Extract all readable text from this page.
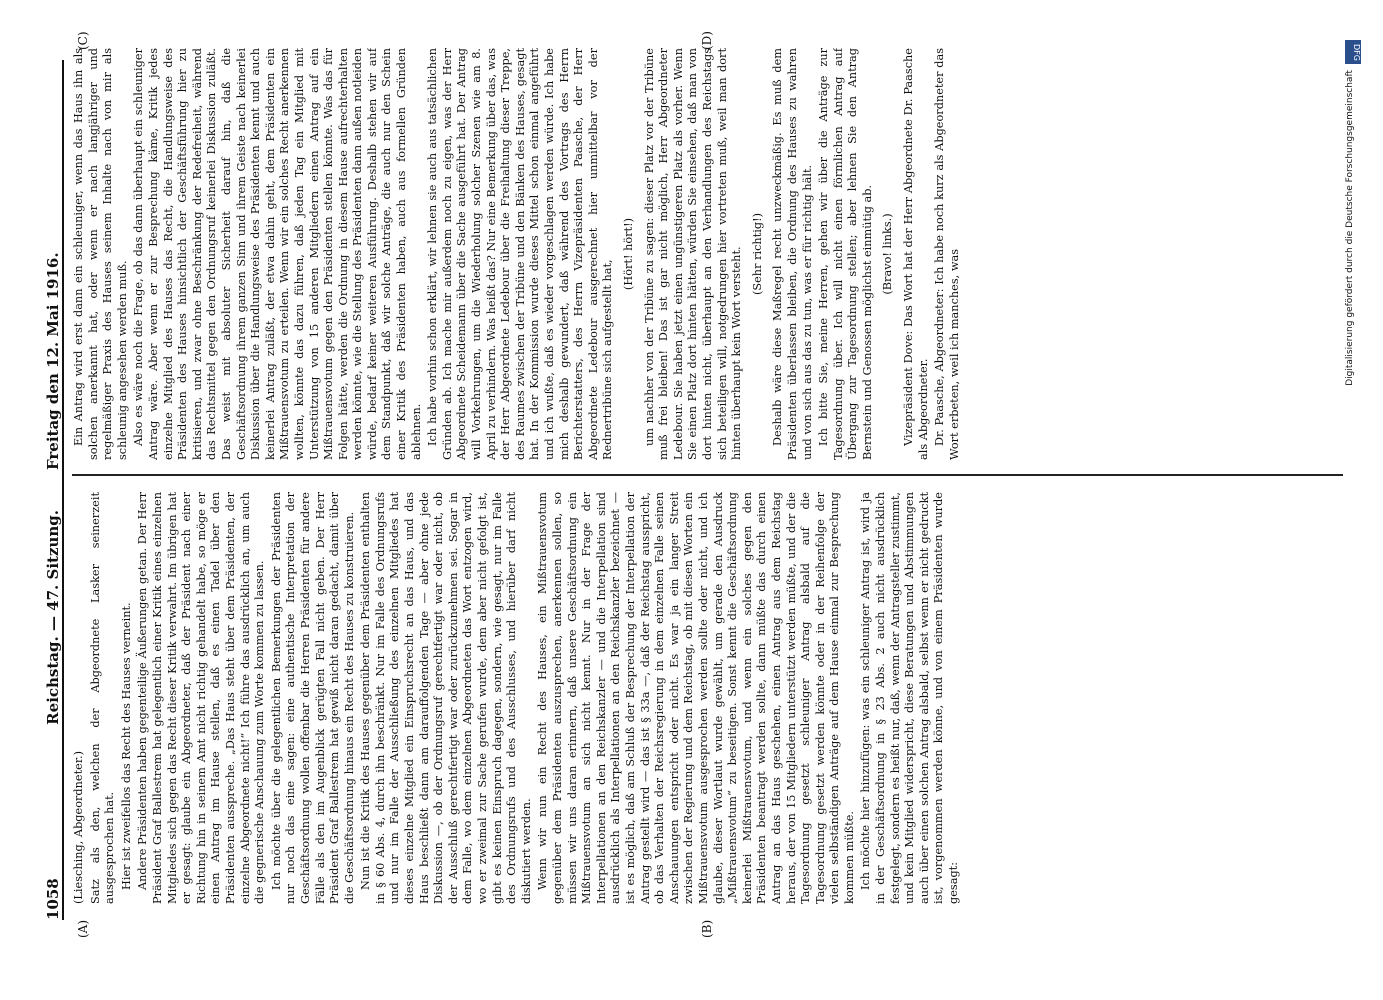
1058
Reichstag. — 47. Sitzung.
Freitag den 12. Mai 1916.
(A)	(B)
(C)	(D)

(Liesching, Abgeordneter.) Satz als den, welchen der Abgeordnete Lasker seinerzeit ausgesprochen hat. Hier ist zweifellos das Recht des Hauses verneint. Andere Präsidenten haben gegenteilige Äußerungen getan. Der Herr Präsident Graf Ballestrem hat gelegentlich einer Kritik eines einzelnen Mitgliedes sich gegen das Recht dieser Kritik verwahrt. Im übrigen hat er gesagt: glaube ein Abgeordneter, daß der Präsident nach einer Richtung hin in seinem Amt nicht richtig gehandelt habe, so möge er einen Antrag im Hause stellen, daß es einen Tadel über den Präsidenten ausspreche. „Das Haus steht über dem Präsidenten, der einzelne Abgeordnete nicht!“ Ich führe das ausdrücklich an, um auch die gegnerische Anschauung zum Worte kommen zu lassen. Ich möchte über die gelegentlichen Bemerkungen der Präsidenten nur noch das eine sagen: eine authentische Interpretation der Geschäftsordnung wollen offenbar die Herren Präsidenten für andere Fälle als den im Augenblick gerügten Fall nicht geben. Der Herr Präsident Graf Ballestrem hat gewiß nicht daran gedacht, damit über die Geschäftsordnung hinaus ein Recht des Hauses zu konstruieren. Nun ist die Kritik des Hauses gegenüber dem Präsidenten enthalten in § 60 Abs. 4, durch ihn beschränkt. Nur im Falle des Ordnungsrufs und nur im Falle der Ausschließung des einzelnen Mitgliedes hat dieses einzelne Mitglied ein Einspruchsrecht an das Haus, und das Haus beschließt dann am darauffolgenden Tage — aber ohne jede Diskussion —, ob der Ordnungsruf gerechtfertigt war oder nicht, ob der Ausschluß gerechtfertigt war oder zurückzunehmen sei. Sogar in dem Falle, wo dem einzelnen Abgeordneten das Wort entzogen wird, wo er zweimal zur Sache gerufen wurde, dem aber nicht gefolgt ist, gibt es keinen Einspruch dagegen, sondern, wie gesagt, nur im Falle des Ordnungsrufs und des Ausschlusses, und hierüber darf nicht diskutiert werden. Wenn wir nun ein Recht des Hauses, ein Mißtrauensvotum gegenüber dem Präsidenten auszusprechen, anerkennen sollen, so müssen wir uns daran erinnern, daß unsere Geschäftsordnung ein Mißtrauensvotum an sich nicht kennt. Nur in der Frage der Interpellationen an den Reichskanzler — und die Interpellation sind ausdrücklich als Interpellationen an den Reichskanzler bezeichnet — ist es möglich, daß am Schluß der Besprechung der Interpellation der Antrag gestellt wird — das ist § 33a —, daß der Reichstag ausspricht, ob das Verhalten der Reichsregierung in dem einzelnen Falle seinen Anschauungen entspricht oder nicht. Es war ja ein langer Streit zwischen der Regierung und dem Reichstag, ob mit diesen Worten ein Mißtrauensvotum ausgesprochen werden sollte oder nicht, und ich glaube, dieser Wortlaut wurde gewählt, um gerade den Ausdruck „Mißtrauensvotum“ zu beseitigen. Sonst kennt die Geschäftsordnung keinerlei Mißtrauensvotum, und wenn ein solches gegen den Präsidenten beantragt werden sollte, dann müßte das durch einen Antrag an das Haus geschehen, einen Antrag aus dem Reichstag heraus, der von 15 Mitgliedern unterstützt werden müßte, und der die Tagesordnung gesetzt schleuniger Antrag alsbald auf die Tagesordnung gesetzt werden könnte oder in der Reihenfolge der vielen selbständigen Anträge auf dem Hause einmal zur Besprechung kommen müßte. Ich möchte hier hinzufügen: was ein schleuniger Antrag ist, wird ja in der Geschäftsordnung in § 23 Abs. 2 auch nicht ausdrücklich festgelegt, sondern es heißt nur, daß, wenn der Antragsteller zustimmt, und kein Mitglied widerspricht, diese Beratungen und Abstimmungen auch über einen solchen Antrag alsbald, selbst wenn er nicht gedruckt ist, vorgenommen werden könne, und von einem Präsidenten wurde gesagt:

Ein Antrag wird erst dann ein schleuniger, wenn das Haus ihn als solchen anerkannt hat, oder wenn er nach langjähriger und regelmäßiger Praxis des Hauses seinem Inhalte nach von mir als schleunig angesehen werden muß. Also es wäre noch die Frage, ob das dann überhaupt ein schleuniger Antrag wäre. Aber wenn er zur Besprechung käme, Kritik jedes einzelne Mitglied des Hauses das Recht, die Handlungsweise des Präsidenten des Hauses hinsichtlich der Geschäftsführung hier zu kritisieren, und zwar ohne Beschränkung der Redefreiheit, während das Rechtsmittel gegen den Ordnungsruf keinerlei Diskussion zuläßt. Das weist mit absoluter Sicherheit darauf hin, daß die Geschäftsordnung ihrem ganzen Sinn und ihrem Geiste nach keinerlei Diskussion über die Handlungsweise des Präsidenten kennt und auch keinerlei Antrag zuläßt, der etwa dahin geht, dem Präsidenten ein Mißtrauensvotum zu erteilen. Wenn wir ein solches Recht anerkennen wollten, könnte das dazu führen, daß jeden Tag ein Mitglied mit Unterstützung von 15 anderen Mitgliedern einen Antrag auf ein Mißtrauensvotum gegen den Präsidenten stellen könnte. Was das für Folgen hätte, werden die Ordnung in diesem Hause aufrechterhalten werden könnte, wie die Stellung des Präsidenten dann außen notleiden würde, bedarf keiner weiteren Ausführung. Deshalb stehen wir auf dem Standpunkt, daß wir solche Anträge, die auch nur den Schein einer Kritik des Präsidenten haben, auch aus formellen Gründen ablehnen. Ich habe vorhin schon erklärt, wir lehnen sie auch aus tatsächlichen Gründen ab. Ich mache mir außerdem noch zu eigen, was der Herr Abgeordnete Scheidemann über die Sache ausgeführt hat. Der Antrag will Vorkehrungen, um die Wiederholung solcher Szenen wie am 8. April zu verhindern. Was heißt das? Nur eine Bemerkung über das, was der Herr Abgeordnete Ledebour über die Freihaltung dieser Treppe, des Raumes zwischen der Tribüne und den Bänken des Hauses, gesagt hat. In der Kommission wurde dieses Mittel schon einmal angeführt und ich wußte, daß es wieder vorgeschlagen werden würde. Ich habe mich deshalb gewundert, daß während des Vortrags des Herrn Berichterstatters, des Herrn Vizepräsidenten Paasche, der Herr Abgeordnete Ledebour ausgerechnet hier unmittelbar vor der Rednertribüne sich aufgestellt hat,

(Hört! hört!) um nachher von der Tribüne zu sagen: dieser Platz vor der Tribüne muß frei bleiben! Das ist gar nicht möglich, Herr Abgeordneter Ledebour. Sie haben jetzt einen ungünstigeren Platz als vorher. Wenn Sie einen Platz dort hinten hätten, würden Sie einsehen, daß man von dort hinten nicht, überhaupt an den Verhandlungen des Reichstags sich beteiligen will, notgedrungen hier vortreten muß, weil man dort hinten überhaupt kein Wort versteht. (Sehr richtig!) Deshalb wäre diese Maßregel recht unzweckmäßig. Es muß dem Präsidenten überlassen bleiben, die Ordnung des Hauses zu wahren und von sich aus das zu tun, was er für richtig hält. Ich bitte Sie, meine Herren, gehen wir über die Anträge zur Tagesordnung über. Ich will nicht einen förmlichen Antrag auf Übergang zur Tagesordnung stellen; aber lehnen Sie den Antrag Bernstein und Genossen möglichst einmütig ab. (Bravo! links.) Vizepräsident Dove: Das Wort hat der Herr Abgeordnete Dr. Paasche als Abgeordneter. Dr. Paasche, Abgeordneter: Ich habe noch kurz als Abgeordneter das Wort erbeten, weil ich manches, was

DFG
Digitalisierung gefördert durch die Deutsche Forschungsgemeinschaft
